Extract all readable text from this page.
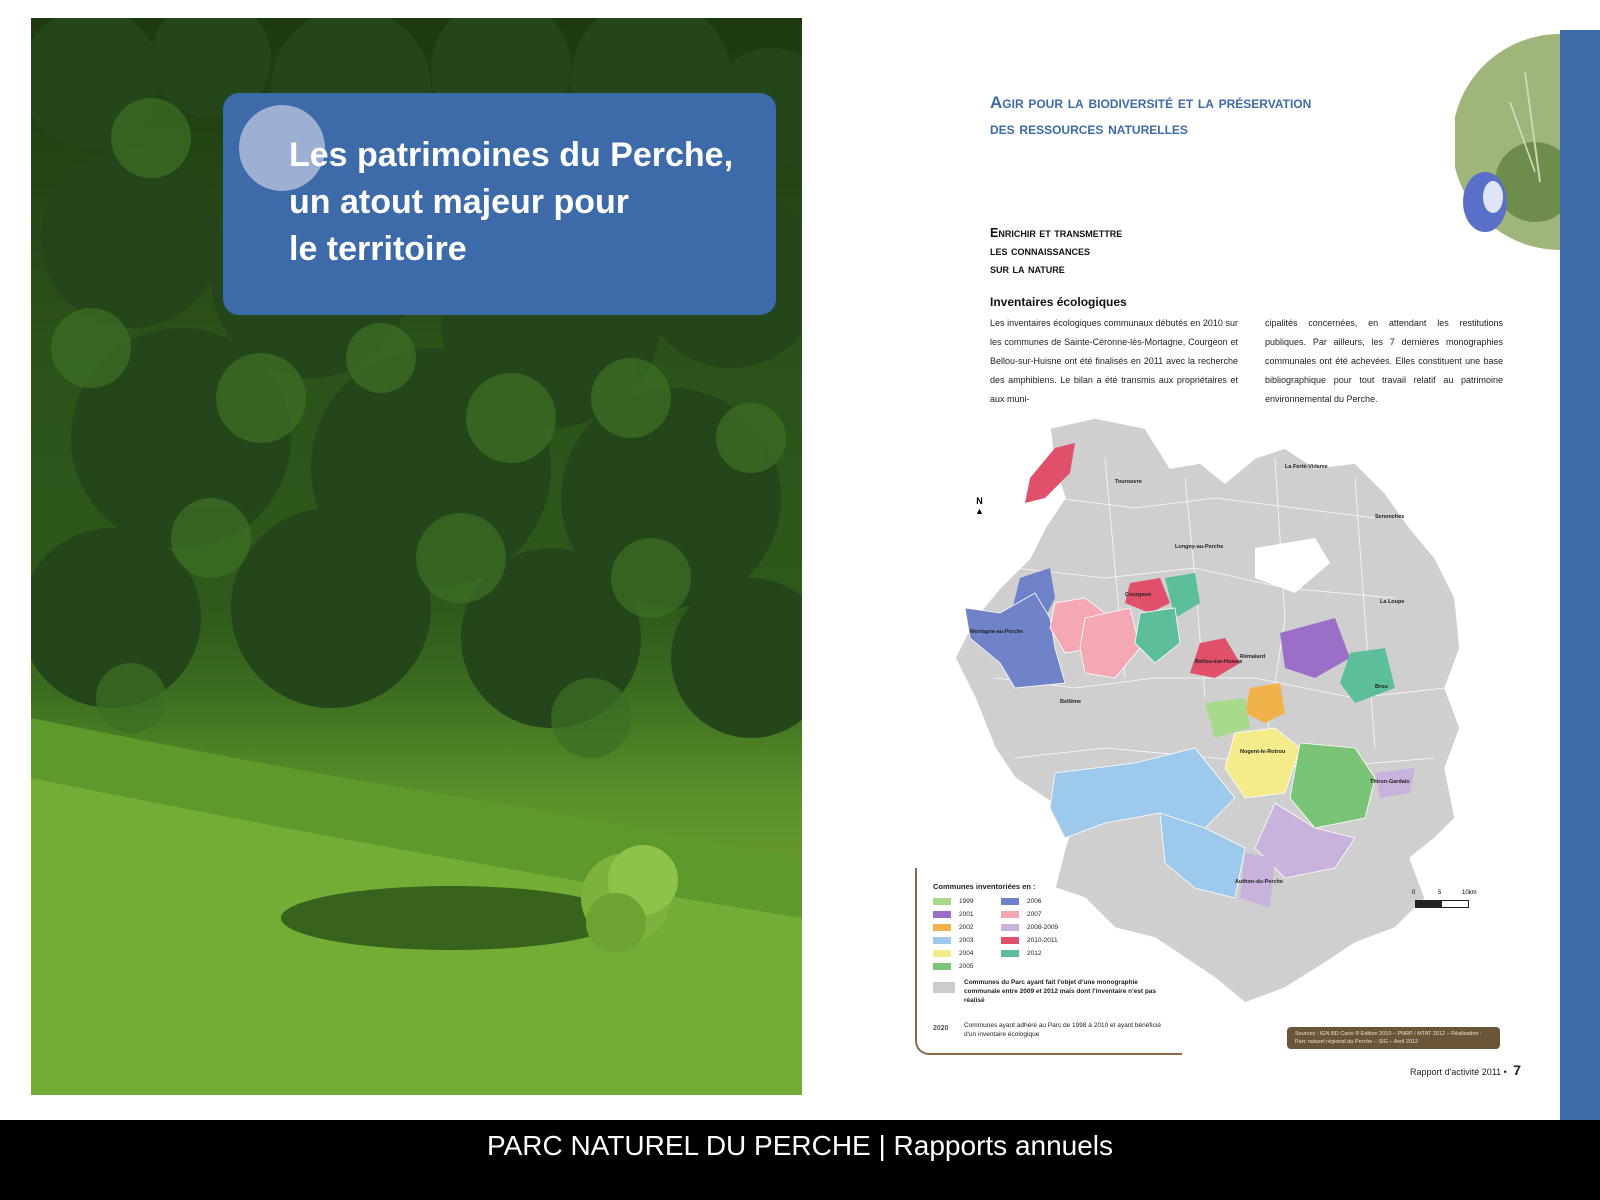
Les patrimoines du Perche,
un atout majeur pour
le territoire
Agir pour la biodiversité et la préservation
des ressources naturelles
Enrichir et transmettre
les connaissances
sur la nature
Inventaires écologiques
Les inventaires écologiques communaux débutés en 2010 sur les communes de Sainte-Céronne-lès-Mortagne, Courgeon et Bellou-sur-Huisne ont été finalisés en 2011 avec la recherche des amphibiens. Le bilan a été transmis aux propriétaires et aux muni-
cipalités concernées, en attendant les restitutions publiques. Par ailleurs, les 7 dernières monographies communales ont été achevées. Elles constituent une base bibliographique pour tout travail relatif au patrimoine environnemental du Perche.
Mortagne-au-Perche
Longny-au-Perche
Bellême
Nogent-le-Rotrou
Rémalard
Tourouvre
La Ferté-Vidame
Senonches
La Loupe
Brou
Authon-du-Perche
Thiron-Gardais
Courgeon
Bellou-sur-Huisne
N
▲
0	5	10km
Communes inventoriées en :
1999
2001
2002
2003
2004
2005
2006
2007
2008-2009
2010-2011
2012
Communes du Parc ayant fait l'objet d'une monographie communale entre 2009 et 2012 mais dont l'inventaire n'est pas réalisé
2020 Communes ayant adhéré au Parc de 1998 à 2010 et ayant bénéficié d'un inventaire écologique	Sources : IGN BD Carto ® Edition 2010 – PNRP / MTAT 2012 – Réalisation : Parc naturel régional du Perche – SIG – Avril 2012
Rapport d'activité 2011 • 7
PARC NATUREL DU PERCHE | Rapports annuels
